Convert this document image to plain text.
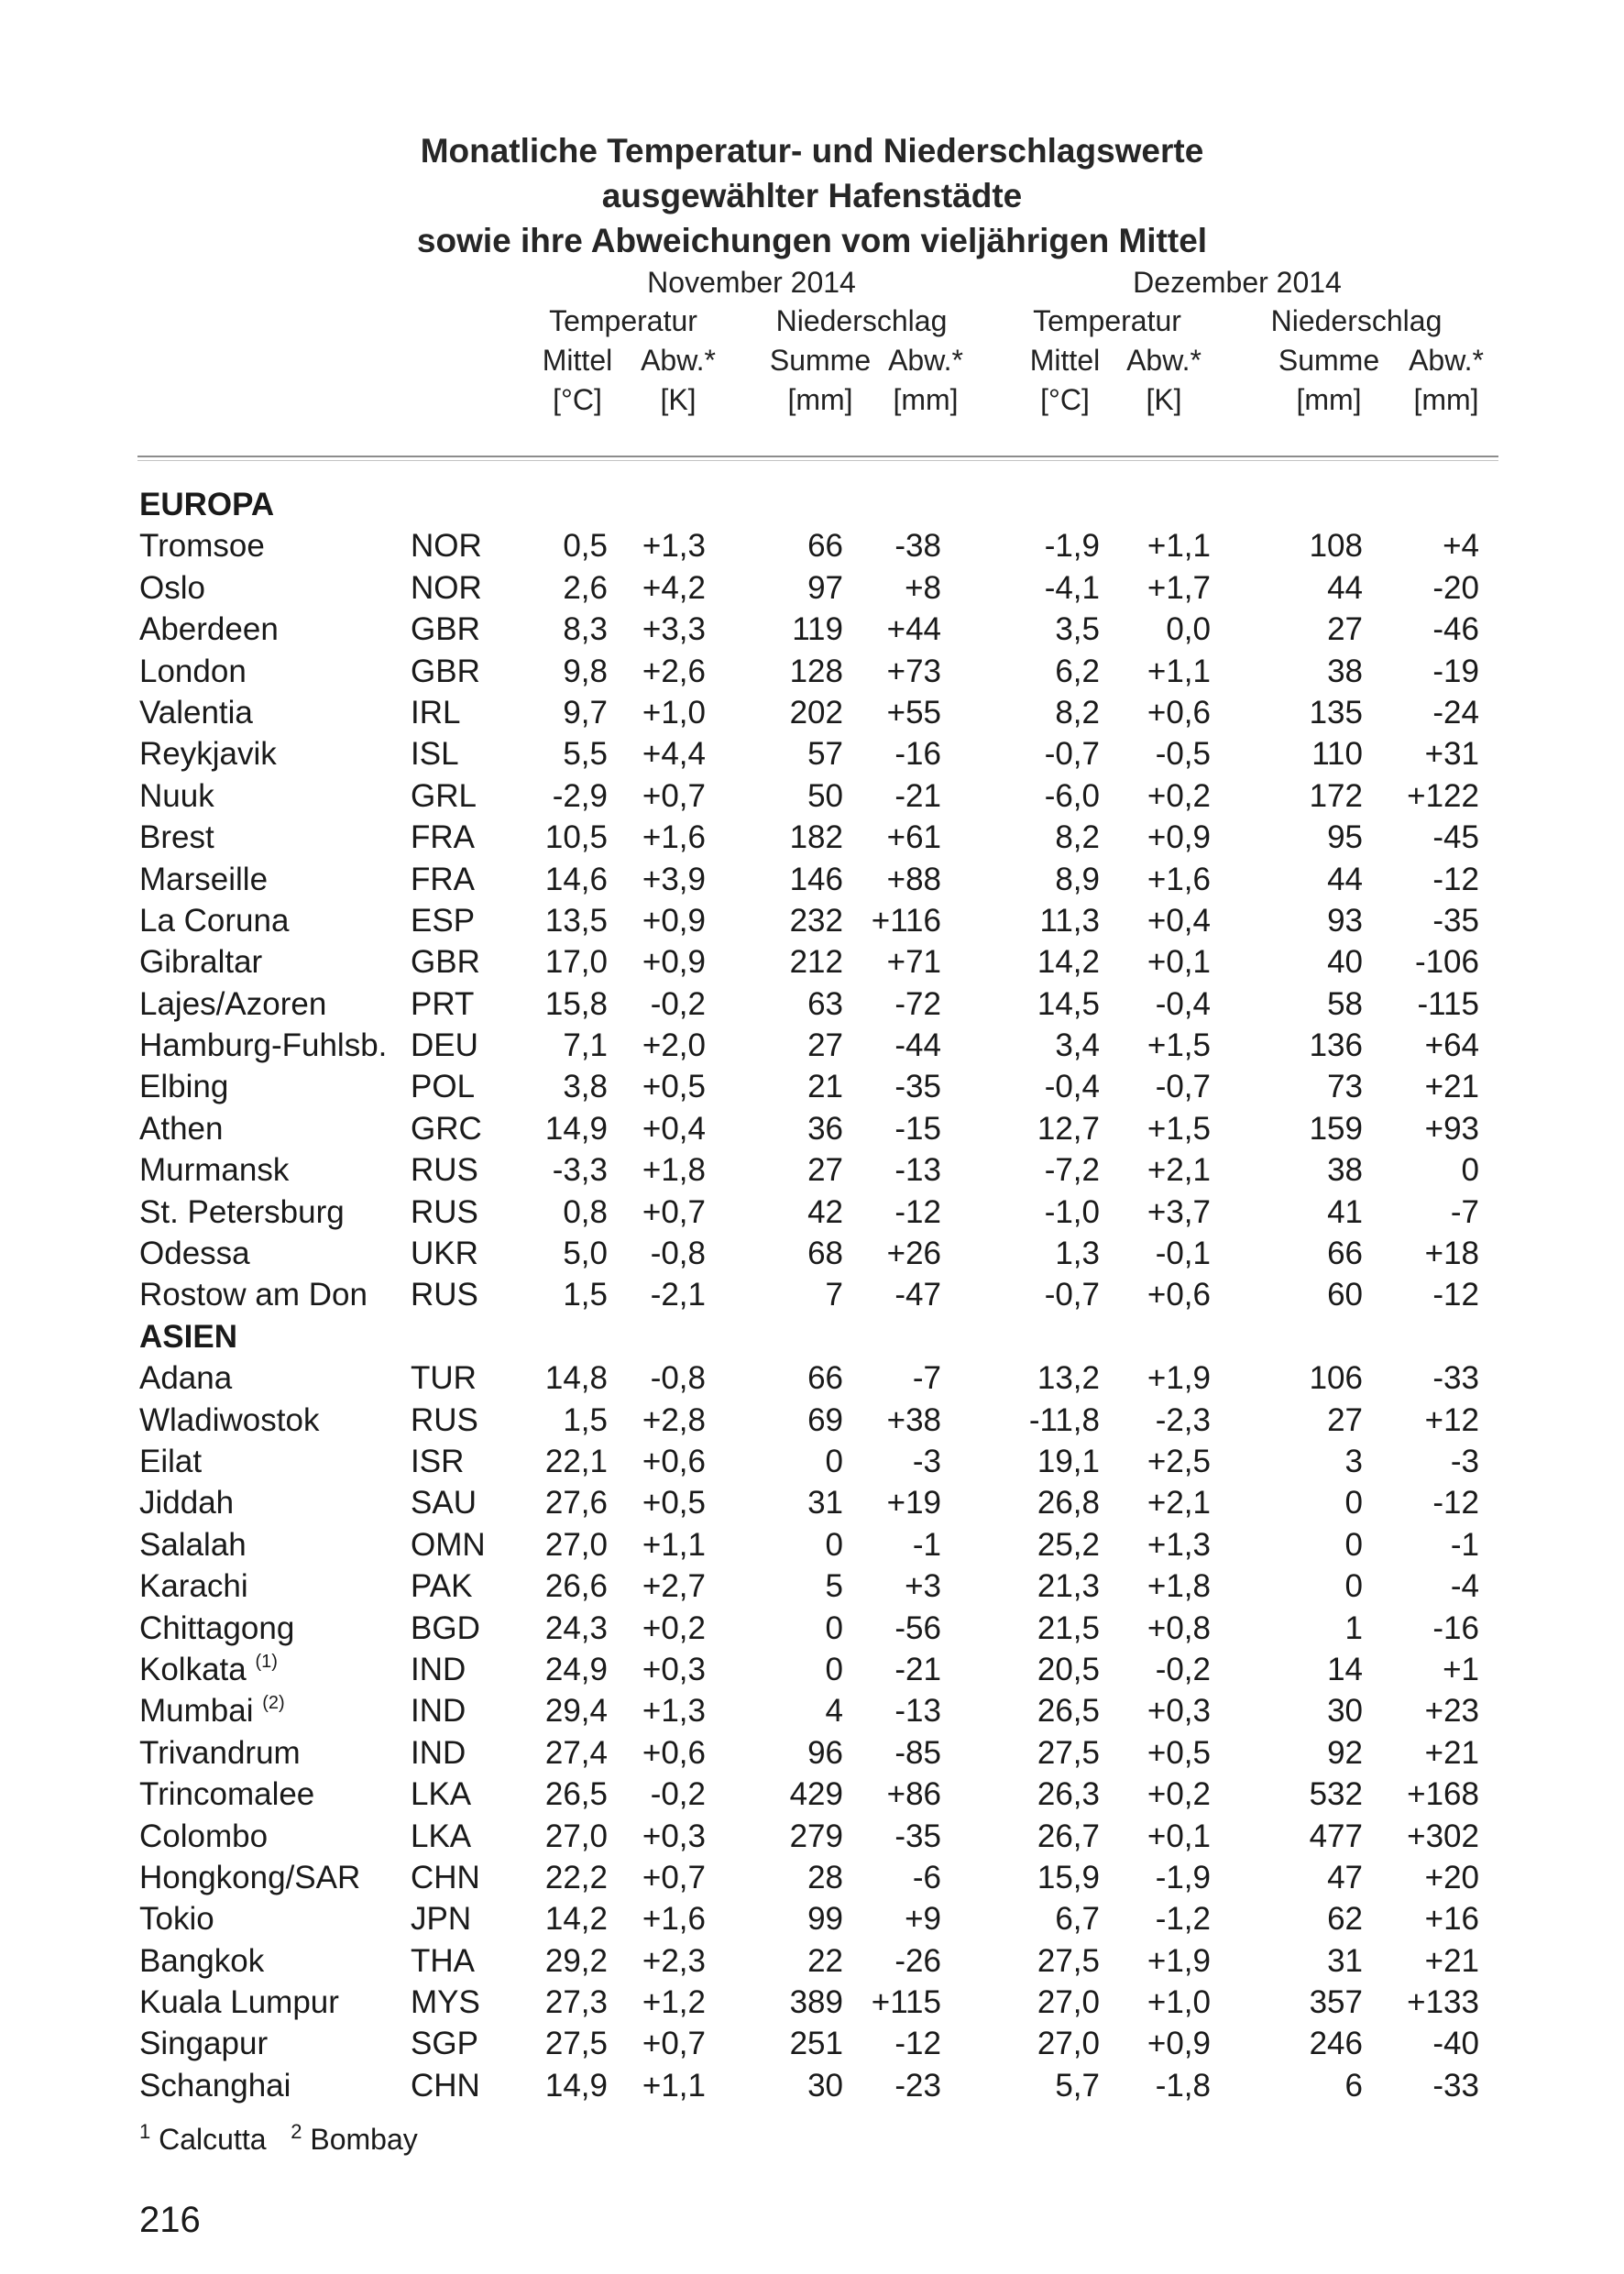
Monatliche Temperatur- und Niederschlagswerte
ausgewählter Hafenstädte
sowie ihre Abweichungen vom vieljährigen Mittel
November 2014	Dezember 2014
Temperatur	Niederschlag	Temperatur	Niederschlag
Mittel Abw.* Summe Abw.*	Mittel Abw.*	Summe Abw.*
[°C]	[K]	[mm]	[mm]	[°C]	[K]	[mm]	[mm]
EUROPA
Tromsoe	NOR	0,5 +1,3	66 -38	-1,9 +1,1	108 +4
Oslo	NOR	2,6 +4,2	97 +8	-4,1 +1,7	44 -20
Aberdeen	GBR	8,3 +3,3	119 +44	3,5 0,0	27 -46
London	GBR	9,8 +2,6	128 +73	6,2 +1,1	38 -19
Valentia	IRL	9,7 +1,0	202 +55	8,2 +0,6	135 -24
Reykjavik	ISL	5,5 +4,4	57 -16	-0,7 -0,5	110 +31
Nuuk	GRL -2,9 +0,7	50 -21	-6,0 +0,2	172 +122
Brest	FRA 10,5 +1,6	182 +61	8,2 +0,9	95 -45
Marseille	FRA 14,6 +3,9	146 +88	8,9 +1,6	44 -12
La Coruna	ESP 13,5 +0,9	232 +116	11,3 +0,4	93 -35
Gibraltar	GBR 17,0 +0,9	212 +71	14,2 +0,1	40 -106
Lajes/Azoren	PRT 15,8 -0,2	63 -72	14,5 -0,4	58 -115
Hamburg-Fuhlsb. DEU	7,1 +2,0	27 -44	3,4 +1,5	136 +64
Elbing	POL	3,8 +0,5	21 -35	-0,4 -0,7	73 +21
Athen	GRC 14,9 +0,4	36 -15	12,7 +1,5	159 +93
Murmansk	RUS -3,3 +1,8	27 -13	-7,2 +2,1	38	0
St. Petersburg RUS	0,8 +0,7	42 -12	-1,0 +3,7	41	-7
Odessa	UKR	5,0 -0,8	68 +26	1,3 -0,1	66 +18
Rostow am Don RUS	1,5 -2,1	7 -47	-0,7 +0,6	60 -12
ASIEN
Adana	TUR 14,8 -0,8	66 -7	13,2 +1,9	106 -33
Wladiwostok	RUS	1,5 +2,8	69 +38	-11,8 -2,3	27 +12
Eilat	ISR	22,1 +0,6	0 -3	19,1 +2,5	3	-3
Jiddah	SAU 27,6 +0,5	31 +19	26,8 +2,1	0 -12
Salalah	OMN 27,0 +1,1	0 -1	25,2 +1,3	0	-1
Karachi	PAK 26,6 +2,7	5 +3	21,3 +1,8	0	-4
Chittagong	BGD 24,3 +0,2	0 -56	21,5 +0,8	1 -16
Kolkata $^{(1)}$	IND 24,9 +0,3	0 -21	20,5 -0,2	14 +1
Mumbai $^{(2)}$	IND 29,4 +1,3	4 -13	26,5 +0,3	30 +23
Trivandrum	IND 27,4 +0,6	96 -85	27,5 +0,5	92 +21
Trincomalee	LKA 26,5 -0,2	429 +86	26,3 +0,2	532 +168
Colombo	LKA 27,0 +0,3	279 -35	26,7 +0,1	477 +302
Hongkong/SAR CHN 22,2 +0,7	28 -6	15,9 -1,9	47 +20
Tokio	JPN 14,2 +1,6	99 +9	6,7 -1,2	62 +16
Bangkok	THA 29,2 +2,3	22 -26	27,5 +1,9	31 +21
Kuala Lumpur MYS 27,3 +1,2	389 +115	27,0 +1,0	357 +133
Singapur	SGP 27,5 +0,7	251 -12	27,0 +0,9	246 -40
Schanghai	CHN 14,9 +1,1	30 -23	5,7 -1,8	6 -33
$^1$ Calcutta $^2$ Bombay
216
